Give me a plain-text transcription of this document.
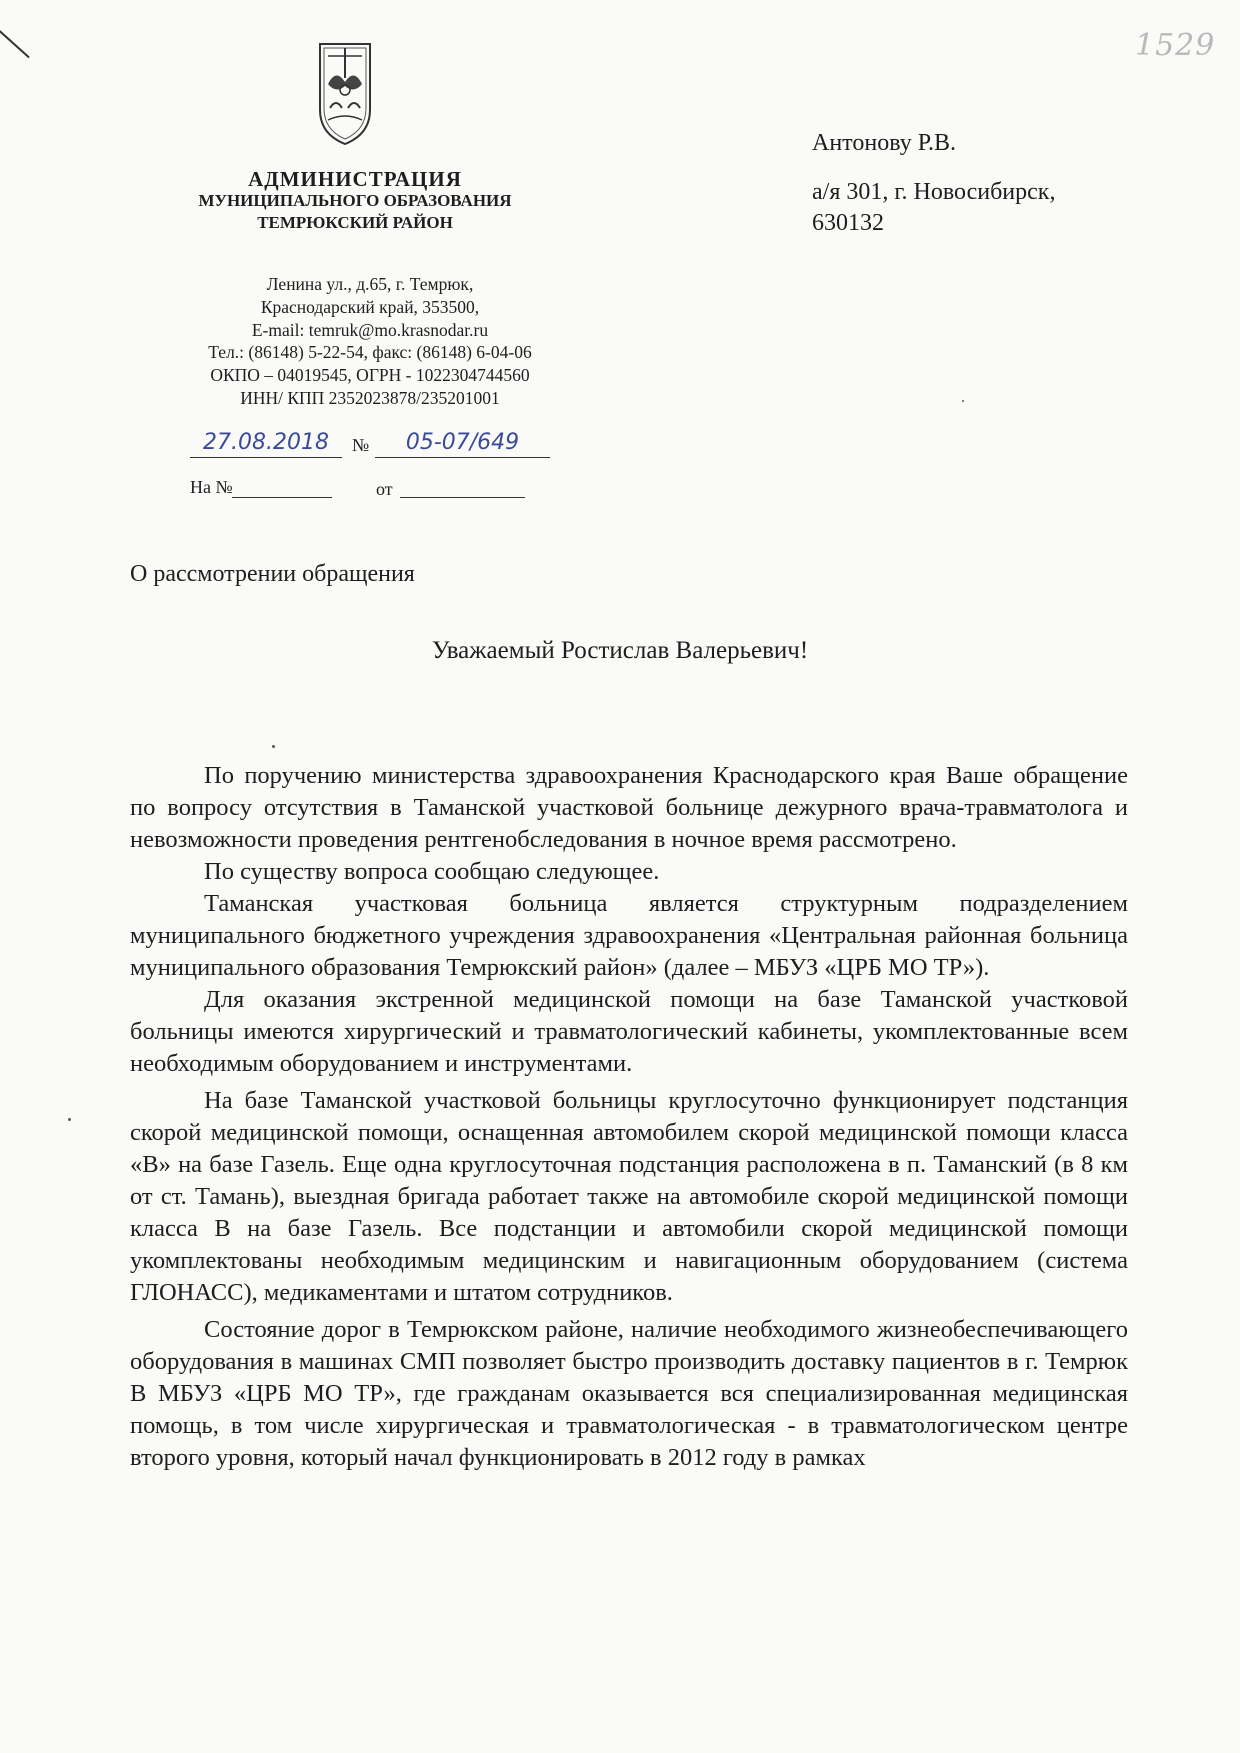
1529
АДМИНИСТРАЦИЯ
МУНИЦИПАЛЬНОГО ОБРАЗОВАНИЯ
ТЕМРЮКСКИЙ РАЙОН
Ленина ул., д.65, г. Темрюк,
Краснодарский край, 353500,
E-mail: temruk@mo.krasnodar.ru
Тел.: (86148) 5-22-54, факс: (86148) 6-04-06
ОКПО – 04019545, ОГРН - 1022304744560
ИНН/ КПП 2352023878/235201001
27.08.2018	№	05-07/649
На №	от
Антонову Р.В.
а/я 301, г. Новосибирск,
630132
О рассмотрении обращения
Уважаемый Ростислав Валерьевич!

По поручению министерства здравоохранения Краснодарского края Ваше обращение по вопросу отсутствия в Таманской участковой больнице дежурного врача-травматолога и невозможности проведения рентгенобследования в ночное время рассмотрено.

По существу вопроса сообщаю следующее.

Таманская участковая больница является структурным подразделением муниципального бюджетного учреждения здравоохранения «Центральная районная больница муниципального образования Темрюкский район» (далее – МБУЗ «ЦРБ МО ТР»).

Для оказания экстренной медицинской помощи на базе Таманской участковой больницы имеются хирургический и травматологический кабинеты, укомплектованные всем необходимым оборудованием и инструментами.

На базе Таманской участковой больницы круглосуточно функционирует подстанция скорой медицинской помощи, оснащенная автомобилем скорой медицинской помощи класса «В» на базе Газель. Еще одна круглосуточная подстанция расположена в п. Таманский (в 8 км от ст. Тамань), выездная бригада работает также на автомобиле скорой медицинской помощи класса В на базе Газель. Все подстанции и автомобили скорой медицинской помощи укомплектованы необходимым медицинским и навигационным оборудованием (система ГЛОНАСС), медикаментами и штатом сотрудников.

Состояние дорог в Темрюкском районе, наличие необходимого жизнеобеспечивающего оборудования в машинах СМП позволяет быстро производить доставку пациентов в г. Темрюк В МБУЗ «ЦРБ МО ТР», где гражданам оказывается вся специализированная медицинская помощь, в том числе хирургическая и травматологическая - в травматологическом центре второго уровня, который начал функционировать в 2012 году в рамках
